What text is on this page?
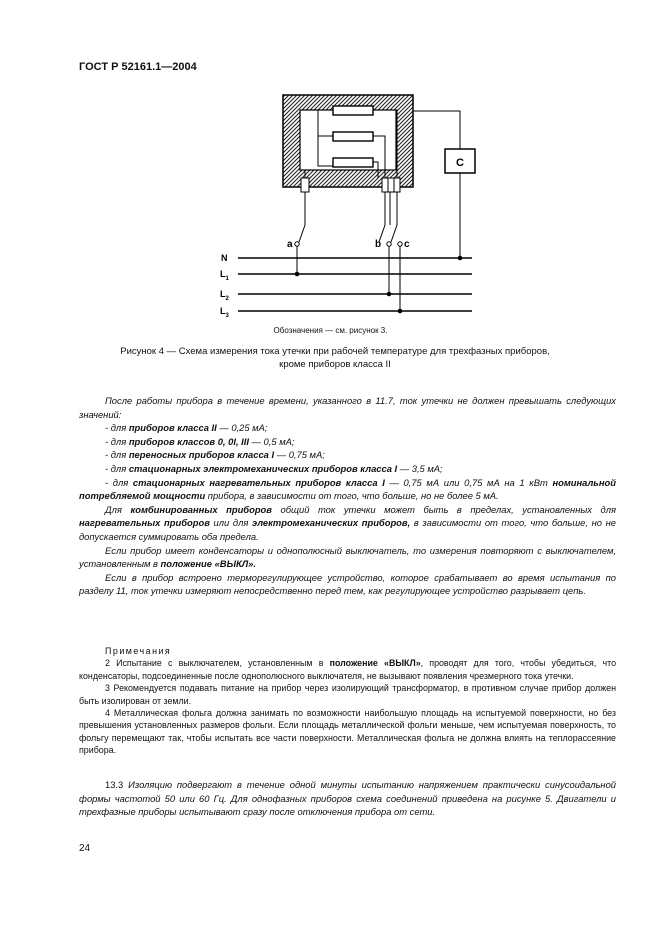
ГОСТ Р 52161.1—2004
a	b c
С
N
$L_1$
$L_2$
$L_3$
Обозначения — см. рисунок 3.
Рисунок 4 — Схема измерения тока утечки при рабочей температуре для трехфазных приборов,
кроме приборов класса II

После работы прибора в течение времени, указанного в 11.7, ток утечки не должен превышать следующих значений:

- для приборов класса II — 0,25 мА;

- для приборов классов 0, 0I, III — 0,5 мА;

- для переносных приборов класса I — 0,75 мА;

- для стационарных электромеханических приборов класса I — 3,5 мА;

- для стационарных нагревательных приборов класса I — 0,75 мА или 0,75 мА на 1 кВт номинальной потребляемой мощности прибора, в зависимости от того, что больше, но не более 5 мА.

Для комбинированных приборов общий ток утечки может быть в пределах, установленных для нагревательных приборов или для электромеханических приборов, в зависимости от того, что больше, но не допускается суммировать оба предела.

Если прибор имеет конденсаторы и однополюсный выключатель, то измерения повторяют с выключателем, установленным в положение «ВЫКЛ».

Если в прибор встроено терморегулирующее устройство, которое срабатывает во время испытания по разделу 11, ток утечки измеряют непосредственно перед тем, как регулирующее устройство разрывает цепь.

Примечания

2 Испытание с выключателем, установленным в положение «ВЫКЛ», проводят для того, чтобы убедиться, что конденсаторы, подсоединенные после однополюсного выключателя, не вызывают появления чрезмерного тока утечки.

3 Рекомендуется подавать питание на прибор через изолирующий трансформатор, в противном случае прибор должен быть изолирован от земли.

4 Металлическая фольга должна занимать по возможности наибольшую площадь на испытуемой поверхности, но без превышения установленных размеров фольги. Если площадь металлической фольги меньше, чем испытуемая поверхность, то фольгу перемещают так, чтобы испытать все части поверхности. Металлическая фольга не должна влиять на теплорассеяние прибора.

13.3 Изоляцию подвергают в течение одной минуты испытанию напряжением практически синусоидальной формы частотой 50 или 60 Гц. Для однофазных приборов схема соединений приведена на рисунке 5. Двигатели и трехфазные приборы испытывают сразу после отключения прибора от сети.

24
